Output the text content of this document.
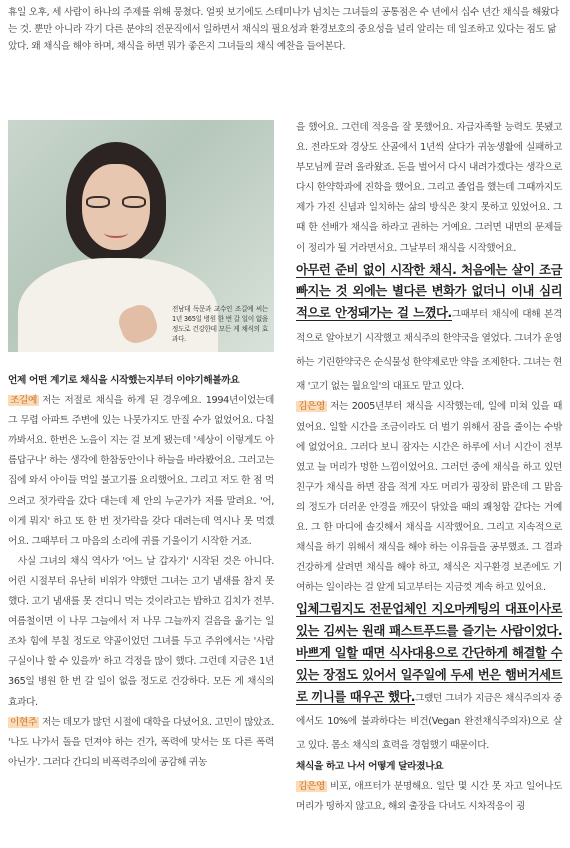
휴일 오후, 세 사람이 하나의 주제를 위해 뭉쳤다. 얼핏 보기에도 스테미나가 넘치는 그녀들의 공통점은 수 년에서 십수 년간 채식을 해왔다는 것. 뿐만 아니라 각기 다른 분야의 전문직에서 일하면서 채식의 필요성과 환경보호의 중요성을 널리 알리는 데 일조하고 있다는 점도 닮았다. 왜 채식을 해야 하며, 채식을 하면 뭐가 좋은지 그녀들의 채식 예찬을 들어본다.
전남대 독문과 교수인 조길예 씨는 1년 365일 병원 한 번 갈 일이 없을 정도로 건강한데 모든 게 채식의 효과다.

언제 어떤 계기로 채식을 시작했는지부터 이야기해볼까요

조길예 저는 저절로 채식을 하게 된 경우예요. 1994년이었는데 그 무렵 아파트 주변에 있는 나뭇가지도 만질 수가 없었어요. 다칠까봐서요. 한번은 노을이 지는 걸 보게 됐는데 '세상이 이렇게도 아름답구나' 하는 생각에 한참동안이나 하늘을 바라봤어요. 그러고는 집에 와서 아이들 먹일 불고기를 요리했어요. 그리고 저도 한 점 먹으려고 젓가락을 갔다 대는데 제 안의 누군가가 저를 말려요. '어, 이게 뭐지' 하고 또 한 번 젓가락을 갖다 대려는데 역시나 못 먹겠어요. 그때부터 그 마음의 소리에 귀를 기울이기 시작한 거죠.

사실 그녀의 채식 역사가 '어느 날 갑자기' 시작된 것은 아니다. 어린 시절부터 유난히 비위가 약했던 그녀는 고기 냄새를 참지 못했다. 고기 냄새를 못 견디니 먹는 것이라고는 밥하고 김치가 전부. 여름철이면 이 나무 그늘에서 저 나무 그늘까지 걸음을 옮기는 일조차 힘에 부칠 정도로 약골이었던 그녀를 두고 주위에서는 '사람 구실이나 할 수 있을까' 하고 걱정을 많이 했다. 그런데 지금은 1년 365일 병원 한 번 갈 일이 없을 정도로 건강하다. 모든 게 채식의 효과다.

이현주 저는 데모가 많던 시절에 대학을 다녔어요. 고민이 많았죠. '나도 나가서 돌을 던져야 하는 건가, 폭력에 맞서는 또 다른 폭력 아닌가'. 그러다 간디의 비폭력주의에 공감해 귀농

을 했어요. 그런데 적응을 잘 못했어요. 자급자족할 능력도 못됐고요. 전라도와 경상도 산골에서 1년씩 살다가 귀농생활에 실패하고 부모님께 끌려 올라왔죠. 돈을 벌어서 다시 내려가겠다는 생각으로 다시 한약학과에 진학을 했어요. 그리고 졸업을 했는데 그때까지도 제가 가진 신념과 일치하는 삶의 방식은 찾지 못하고 있었어요. 그때 한 선배가 채식을 하라고 권하는 거예요. 그러면 내면의 문제들이 정리가 될 거라면서요. 그날부터 채식을 시작했어요.

아무런 준비 없이 시작한 채식. 처음에는 살이 조금 빠지는 것 외에는 별다른 변화가 없더니 이내 심리적으로 안정돼가는 걸 느꼈다.그때부터 채식에 대해 본격적으로 알아보기 시작했고 채식주의 한약국을 열었다. 그녀가 운영하는 기린한약국은 순식물성 한약제로만 약을 조제한다. 그녀는 현재 '고기 없는 월요일'의 대표도 맡고 있다.

김은영 저는 2005년부터 채식을 시작했는데, 일에 미쳐 있을 때였어요. 일할 시간을 조금이라도 더 벌기 위해서 잠을 줄이는 수밖에 없었어요. 그러다 보니 잠자는 시간은 하루에 서너 시간이 전부였고 늘 머리가 멍한 느낌이었어요. 그러던 중에 채식을 하고 있던 친구가 채식을 하면 잠을 적게 자도 머리가 굉장히 맑은데 그 맑음의 정도가 더러운 안경을 깨끗이 닦았을 때의 쾌청함 같다는 거예요. 그 한 마디에 솔깃해서 채식을 시작했어요. 그리고 지속적으로 채식을 하기 위해서 채식을 해야 하는 이유들을 공부했죠. 그 결과 건강하게 살려면 채식을 해야 하고, 채식은 지구환경 보존에도 기여하는 일이라는 걸 알게 되고부터는 지금껏 계속 하고 있어요.

입체그림지도 전문업체인 지오마케팅의 대표이사로 있는 김씨는 원래 패스트푸드를 즐기는 사람이었다. 바쁘게 일할 때면 식사대용으로 간단하게 해결할 수 있는 장점도 있어서 일주일에 두세 번은 햄버거세트로 끼니를 때우곤 했다.그랬던 그녀가 지금은 채식주의자 중에서도 10%에 불과하다는 비건(Vegan 완전채식주의자)으로 살고 있다. 몸소 채식의 효력을 경험했기 때문이다.

채식을 하고 나서 어떻게 달라졌나요

김은영 비포, 애프터가 분명해요. 일단 몇 시간 못 자고 일어나도 머리가 띵하지 않고요, 해외 출장을 다녀도 시차적응이 굉
